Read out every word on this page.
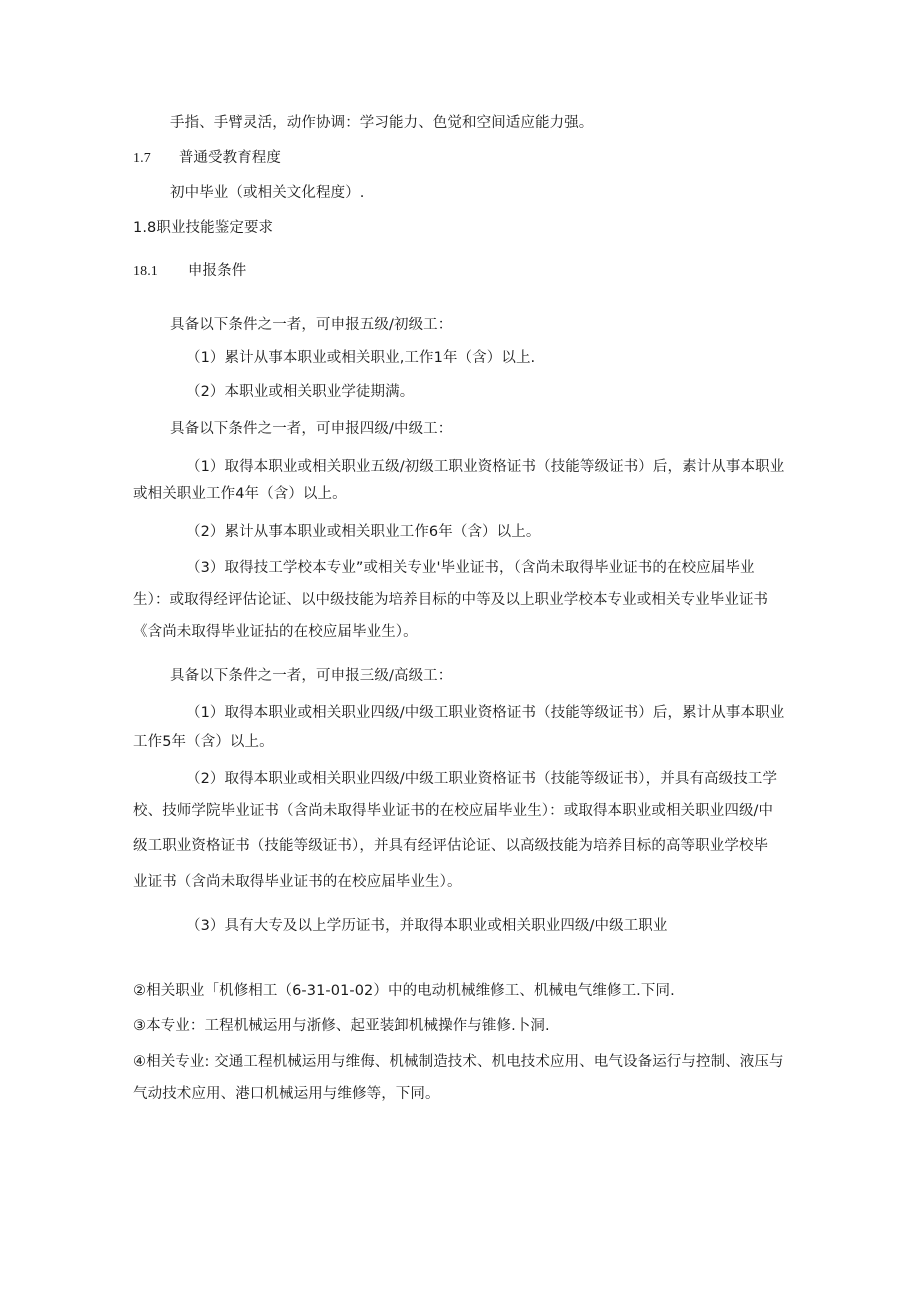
手指、手臂灵活，动作协调：学习能力、色觉和空间适应能力强。
1.7 普通受教育程度
初中毕业（或相关文化程度）.
1.8职业技能鉴定要求
18.1 申报条件
具备以下条件之一者，可申报五级/初级工：
（1）累计从事本职业或相关职业,工作1年（含）以上.
（2）本职业或相关职业学徒期满。
具备以下条件之一者，可申报四级/中级工：
（1）取得本职业或相关职业五级/初级工职业资格证书（技能等级证书）后，素计从事本职业
或相关职业工作4年（含）以上。
（2）累计从事本职业或相关职业工作6年（含）以上。
（3）取得技工学校本专业”或相关专业'毕业证书，（含尚未取得毕业证书的在校应届毕业
生）：或取得经评估论证、以中级技能为培养目标的中等及以上职业学校本专业或相关专业毕业证书
《含尚未取得毕业证拈的在校应届毕业生）。
具备以下条件之一者，可申报三级/高级工：
（1）取得本职业或相关职业四级/中级工职业资格证书（技能等级证书）后，累计从事本职业
工作5年（含）以上。
（2）取得本职业或相关职业四级/中级工职业资格证书（技能等级证书），并具有高级技工学
校、技师学院毕业证书（含尚未取得毕业证书的在校应届毕业生）：或取得本职业或相关职业四级/中
级工职业资格证书（技能等级证书），并具有经评估论证、以高级技能为培养目标的高等职业学校毕
业证书（含尚未取得毕业证书的在校应届毕业生）。
（3）具有大专及以上学历证书，并取得本职业或相关职业四级/中级工职业
②相关职业「机修相工（6-31-01-02）中的电动机械维修工、机械电气维修工.下同.
③本专业：工程机械运用与浙修、起亚装卸机械操作与锥修.卜洞.
④相关专业: 交通工程机械运用与维侮、机械制造技术、机电技术应用、电气设备运行与控制、液压与
气动技术应用、港口机械运用与维修等，下同。
